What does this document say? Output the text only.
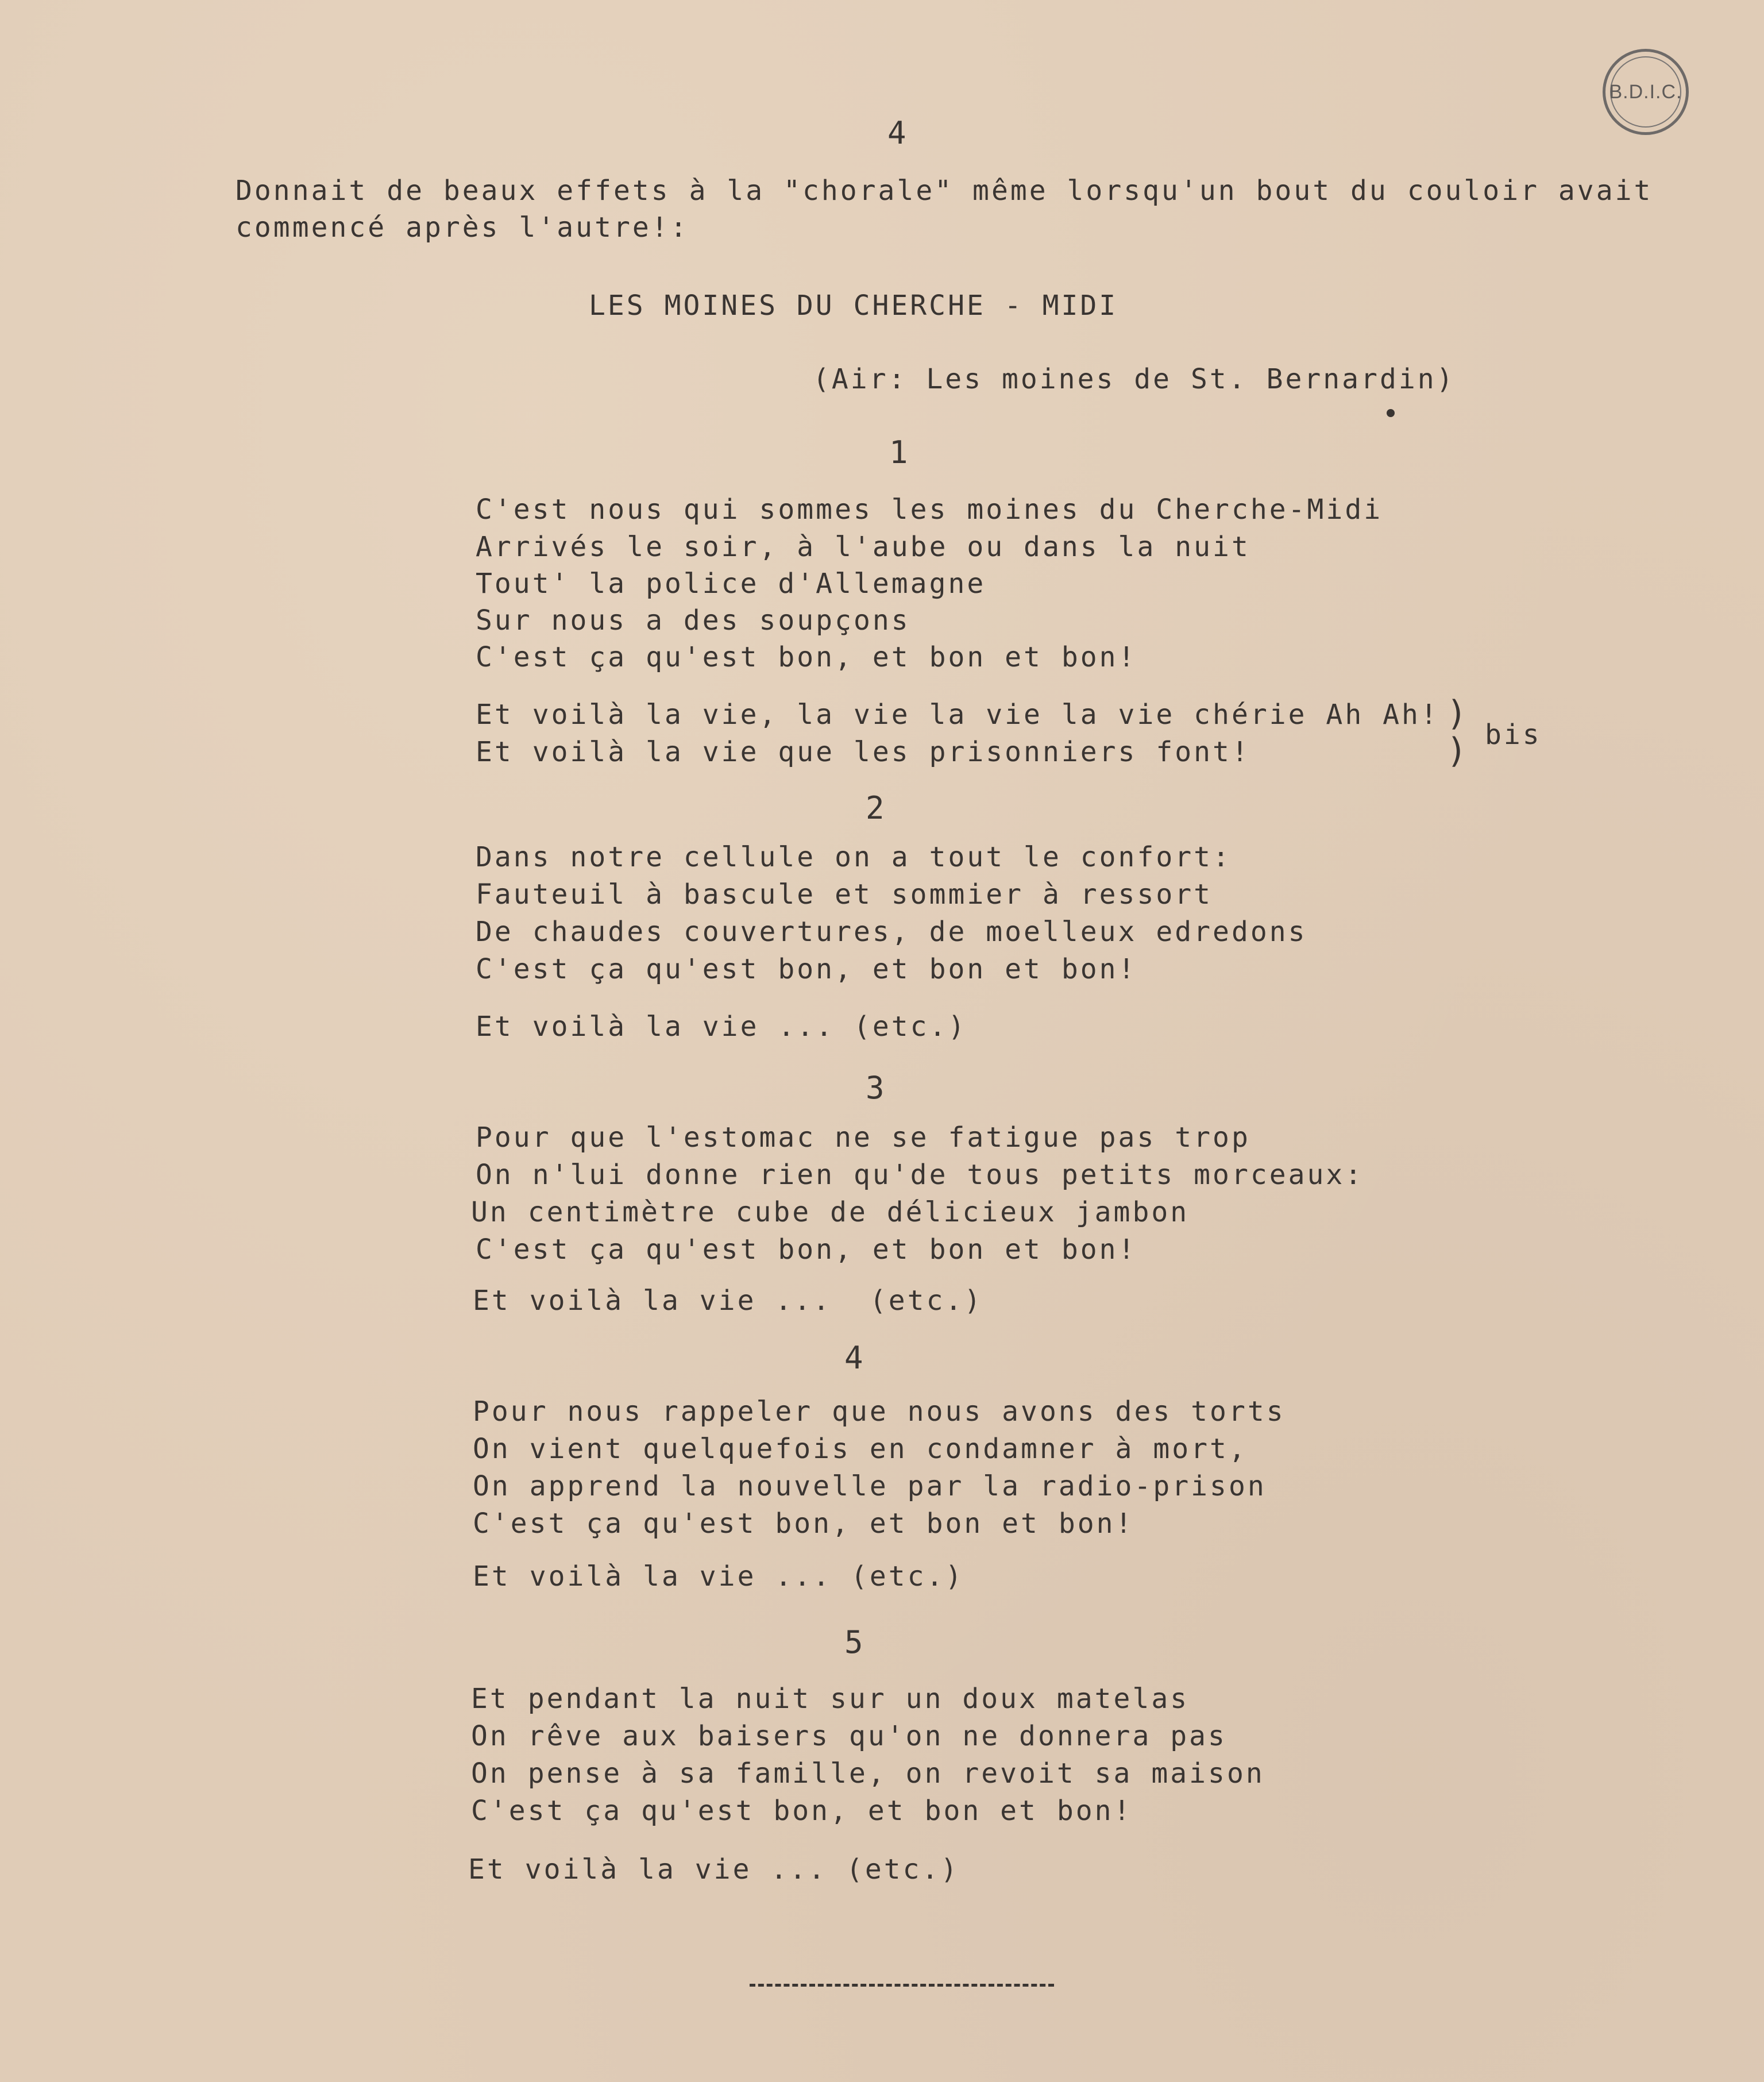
B.D.I.C.
4
Donnait de beaux effets à la "chorale" même lorsqu'un bout du couloir avait
commencé après l'autre!:
LES MOINES DU CHERCHE - MIDI
(Air: Les moines de St. Bernardin)
1
C'est nous qui sommes les moines du Cherche-Midi
Arrivés le soir, à l'aube ou dans la nuit
Tout' la police d'Allemagne
Sur nous a des soupçons
C'est ça qu'est bon, et bon et bon!
Et voilà la vie, la vie la vie la vie chérie Ah Ah!
Et voilà la vie que les prisonniers font!
)
) bis
2
Dans notre cellule on a tout le confort:
Fauteuil à bascule et sommier à ressort
De chaudes couvertures, de moelleux edredons
C'est ça qu'est bon, et bon et bon!
Et voilà la vie ... (etc.)
3
Pour que l'estomac ne se fatigue pas trop
On n'lui donne rien qu'de tous petits morceaux:
Un centimètre cube de délicieux jambon
C'est ça qu'est bon, et bon et bon!
Et voilà la vie ...  (etc.)
4
Pour nous rappeler que nous avons des torts
On vient quelquefois en condamner à mort,
On apprend la nouvelle par la radio-prison
C'est ça qu'est bon, et bon et bon!
Et voilà la vie ... (etc.)
5
Et pendant la nuit sur un doux matelas
On rêve aux baisers qu'on ne donnera pas
On pense à sa famille, on revoit sa maison
C'est ça qu'est bon, et bon et bon!
Et voilà la vie ... (etc.)
